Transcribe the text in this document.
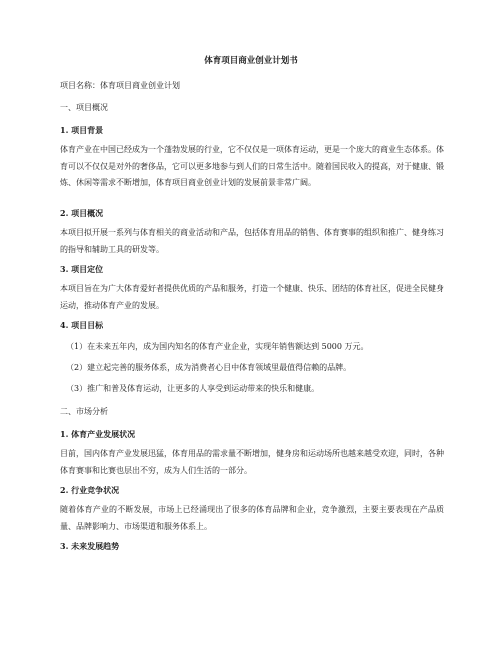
体育项目商业创业计划书

项目名称：体育项目商业创业计划

一、项目概况

1. 项目背景

体育产业在中国已经成为一个蓬勃发展的行业，它不仅仅是一项体育运动，更是一个庞大的商业生态体系。体育可以不仅仅是对外的奢侈品，它可以更多地参与到人们的日常生活中。随着国民收入的提高，对于健康、锻炼、休闲等需求不断增加，体育项目商业创业计划的发展前景非常广阔。

2. 项目概况

本项目拟开展一系列与体育相关的商业活动和产品，包括体育用品的销售、体育赛事的组织和推广、健身练习的指导和辅助工具的研发等。

3. 项目定位

本项目旨在为广大体育爱好者提供优质的产品和服务，打造一个健康、快乐、团结的体育社区，促进全民健身运动，推动体育产业的发展。

4. 项目目标

（1）在未来五年内，成为国内知名的体育产业企业，实现年销售额达到 5000 万元。

（2）建立起完善的服务体系，成为消费者心目中体育领域里最值得信赖的品牌。

（3）推广和普及体育运动，让更多的人享受到运动带来的快乐和健康。

二、市场分析

1. 体育产业发展状况

目前，国内体育产业发展迅猛，体育用品的需求量不断增加，健身房和运动场所也越来越受欢迎，同时，各种体育赛事和比赛也层出不穷，成为人们生活的一部分。

2. 行业竞争状况

随着体育产业的不断发展，市场上已经涌现出了很多的体育品牌和企业，竞争激烈，主要主要表现在产品质量、品牌影响力、市场渠道和服务体系上。

3. 未来发展趋势
